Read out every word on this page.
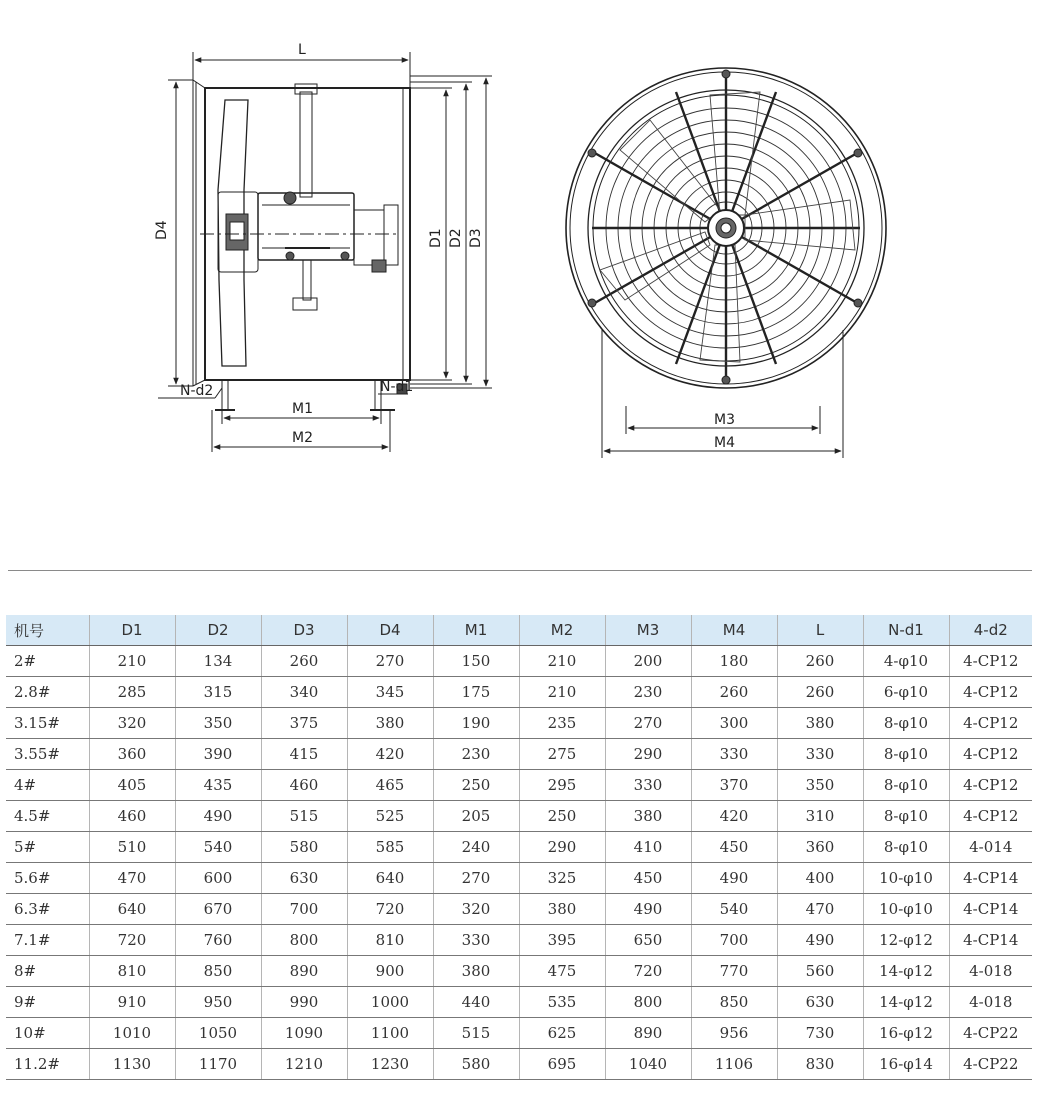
L
D4	D1 D2 D3
M1
M2
N-d2	N-d1
M3
M4
机号	D1	D2	D3	D4	M1	M2	M3	M4	L	N-d1	4-d2
2#	210	134	260	270	150	210	200	180	260	4-φ10	4-CP12
2.8#	285	315	340	345	175	210	230	260	260	6-φ10	4-CP12
3.15#	320	350	375	380	190	235	270	300	380	8-φ10	4-CP12
3.55#	360	390	415	420	230	275	290	330	330	8-φ10	4-CP12
4#	405	435	460	465	250	295	330	370	350	8-φ10	4-CP12
4.5#	460	490	515	525	205	250	380	420	310	8-φ10	4-CP12
5#	510	540	580	585	240	290	410	450	360	8-φ10	4-014
5.6#	470	600	630	640	270	325	450	490	400	10-φ10	4-CP14
6.3#	640	670	700	720	320	380	490	540	470	10-φ10	4-CP14
7.1#	720	760	800	810	330	395	650	700	490	12-φ12	4-CP14
8#	810	850	890	900	380	475	720	770	560	14-φ12	4-018
9#	910	950	990	1000	440	535	800	850	630	14-φ12	4-018
10#	1010	1050	1090	1100	515	625	890	956	730	16-φ12	4-CP22
11.2#	1130	1170	1210	1230	580	695	1040	1106	830	16-φ14	4-CP22
